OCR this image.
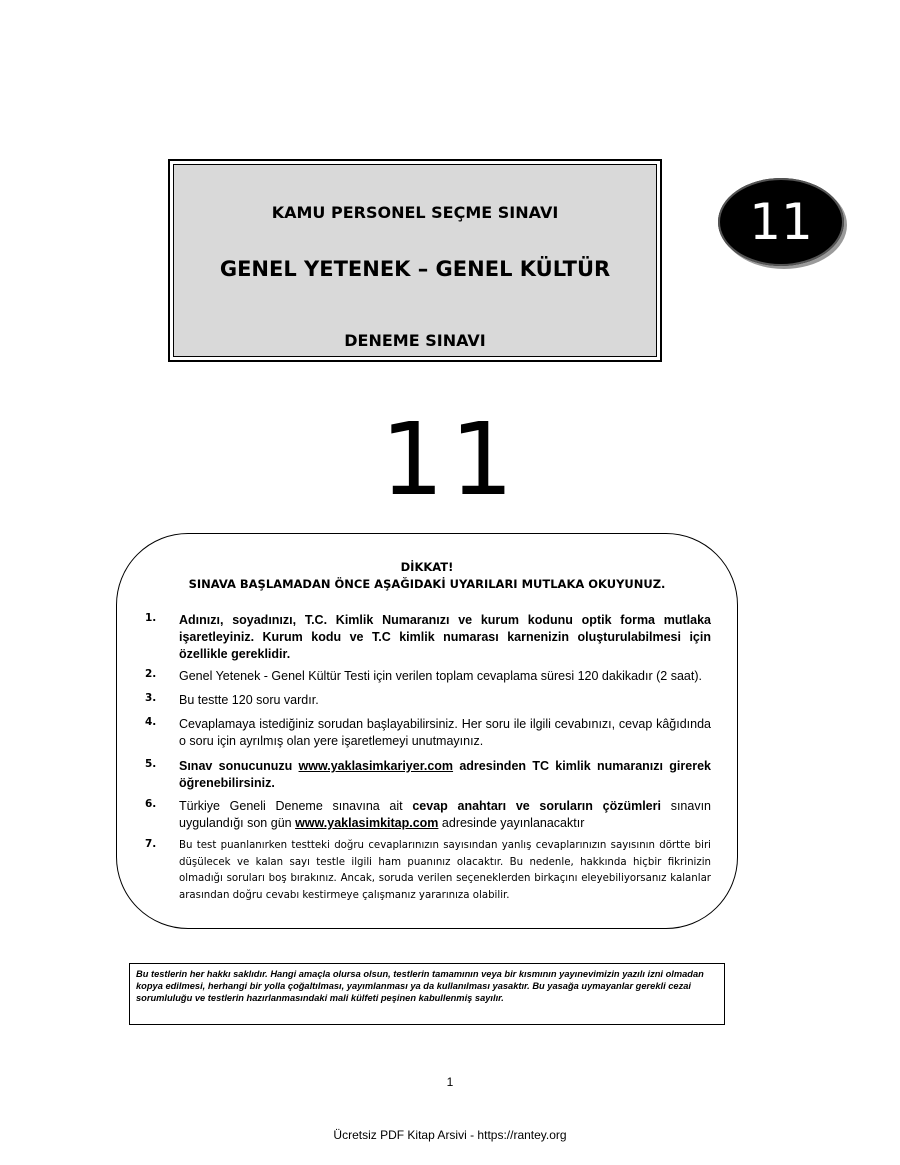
KAMU PERSONEL SEÇME SINAVI
GENEL YETENEK – GENEL KÜLTÜR
DENEME SINAVI
11
11
DİKKAT!
SINAVA BAŞLAMADAN ÖNCE AŞAĞIDAKİ UYARILARI MUTLAKA OKUYUNUZ.
1. Adınızı, soyadınızı, T.C. Kimlik Numaranızı ve kurum kodunu optik forma mutlaka işaretleyiniz. Kurum kodu ve T.C kimlik numarası karnenizin oluşturulabilmesi için özellikle gereklidir.
2. Genel Yetenek - Genel Kültür Testi için verilen toplam cevaplama süresi 120 dakikadır (2 saat).
3. Bu testte 120 soru vardır.
4. Cevaplamaya istediğiniz sorudan başlayabilirsiniz. Her soru ile ilgili cevabınızı, cevap kâğıdında o soru için ayrılmış olan yere işaretlemeyi unutmayınız.
5. Sınav sonucunuzu www.yaklasimkariyer.com adresinden TC kimlik numaranızı girerek öğrenebilirsiniz.
6. Türkiye Geneli Deneme sınavına ait cevap anahtarı ve soruların çözümleri sınavın uygulandığı son gün www.yaklasimkitap.com adresinde yayınlanacaktır
7. Bu test puanlanırken testteki doğru cevaplarınızın sayısından yanlış cevaplarınızın sayısının dörtte biri düşülecek ve kalan sayı testle ilgili ham puanınız olacaktır. Bu nedenle, hakkında hiçbir fikrinizin olmadığı soruları boş bırakınız. Ancak, soruda verilen seçeneklerden birkaçını eleyebiliyorsanız kalanlar arasından doğru cevabı kestirmeye çalışmanız yararınıza olabilir.
Bu testlerin her hakkı saklıdır. Hangi amaçla olursa olsun, testlerin tamamının veya bir kısmının yayınevimizin yazılı izni olmadan kopya edilmesi, herhangi bir yolla çoğaltılması, yayımlanması ya da kullanılması yasaktır. Bu yasağa uymayanlar gerekli cezai sorumluluğu ve testlerin hazırlanmasındaki mali külfeti peşinen kabullenmiş sayılır.
1
Ücretsiz PDF Kitap Arsivi - https://rantey.org
